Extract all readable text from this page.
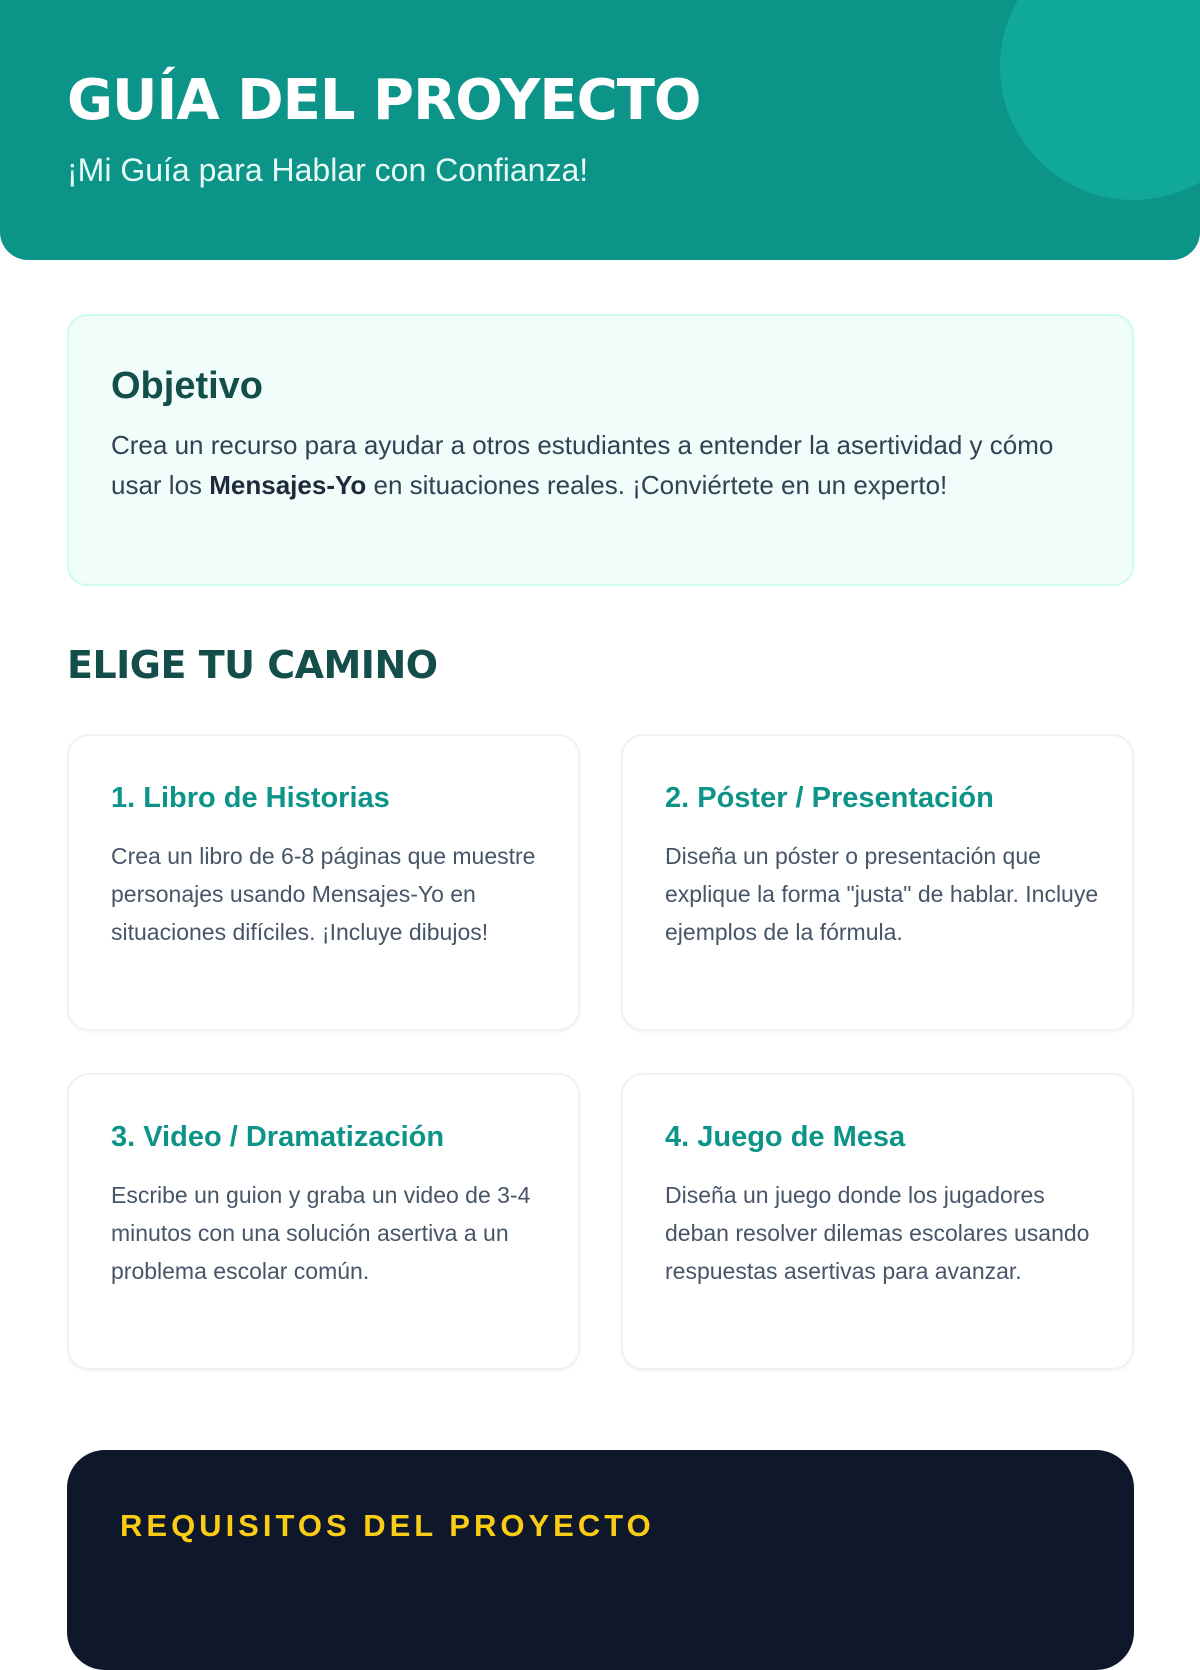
GUÍA DEL PROYECTO

¡Mi Guía para Hablar con Confianza!

Objetivo

Crea un recurso para ayudar a otros estudiantes a entender la asertividad y cómo usar los Mensajes-Yo en situaciones reales. ¡Conviértete en un experto!

ELIGE TU CAMINO
1. Libro de Historias

Crea un libro de 6-8 páginas que muestre personajes usando Mensajes-Yo en situaciones difíciles. ¡Incluye dibujos!

2. Póster / Presentación

Diseña un póster o presentación que explique la forma "justa" de hablar. Incluye ejemplos de la fórmula.

3. Video / Dramatización

Escribe un guion y graba un video de 3-4 minutos con una solución asertiva a un problema escolar común.

4. Juego de Mesa

Diseña un juego donde los jugadores deban resolver dilemas escolares usando respuestas asertivas para avanzar.

REQUISITOS DEL PROYECTO
